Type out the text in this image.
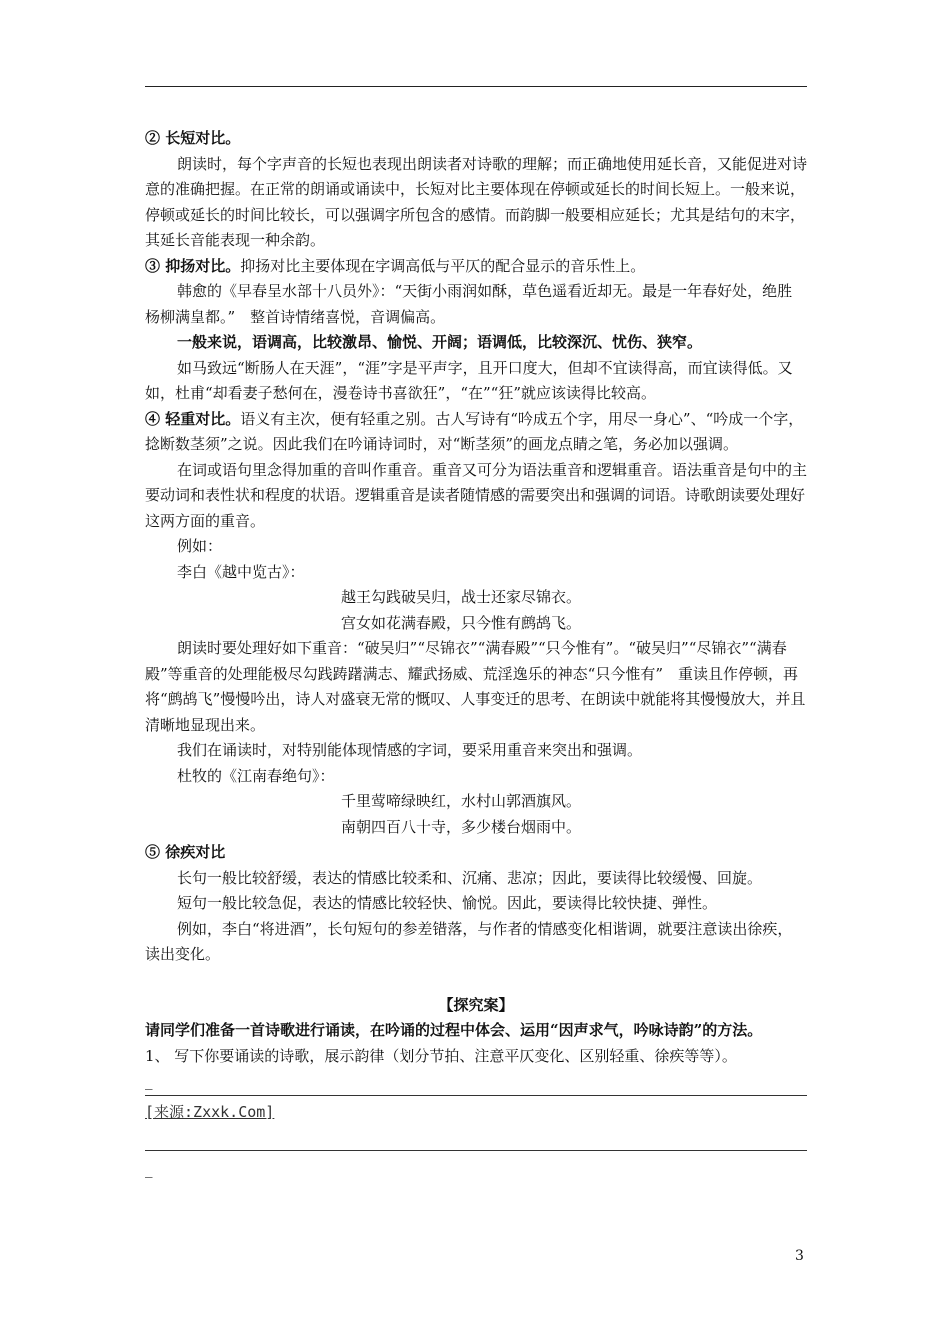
② 长短对比。

朗读时，每个字声音的长短也表现出朗读者对诗歌的理解；而正确地使用延长音，又能促进对诗意的准确把握。在正常的朗诵或诵读中，长短对比主要体现在停顿或延长的时间长短上。一般来说，停顿或延长的时间比较长，可以强调字所包含的感情。而韵脚一般要相应延长；尤其是结句的末字，其延长音能表现一种余韵。

③ 抑扬对比。抑扬对比主要体现在字调高低与平仄的配合显示的音乐性上。

韩愈的《早春呈水部十八员外》：“天街小雨润如酥，草色遥看近却无。最是一年春好处，绝胜杨柳满皇都。”　整首诗情绪喜悦，音调偏高。

一般来说，语调高，比较激昂、愉悦、开阔；语调低，比较深沉、忧伤、狭窄。

如马致远“断肠人在天涯”，“涯”字是平声字，且开口度大，但却不宜读得高，而宜读得低。又如，杜甫“却看妻子愁何在，漫卷诗书喜欲狂”，“在”“狂”就应该读得比较高。

④ 轻重对比。语义有主次，便有轻重之别。古人写诗有“吟成五个字，用尽一身心”、“吟成一个字，捻断数茎须”之说。因此我们在吟诵诗词时，对“断茎须”的画龙点睛之笔，务必加以强调。

在词或语句里念得加重的音叫作重音。重音又可分为语法重音和逻辑重音。语法重音是句中的主要动词和表性状和程度的状语。逻辑重音是读者随情感的需要突出和强调的词语。诗歌朗读要处理好这两方面的重音。

例如：

李白《越中览古》：

越王勾践破吴归，战士还家尽锦衣。

宫女如花满春殿，只今惟有鹧鸪飞。

朗读时要处理好如下重音：“破吴归”“尽锦衣”“满春殿”“只今惟有”。“破吴归”“尽锦衣”“满春殿”等重音的处理能极尽勾践踌躇满志、耀武扬威、荒淫逸乐的神态“只今惟有”　重读且作停顿，再将“鹧鸪飞”慢慢吟出，诗人对盛衰无常的慨叹、人事变迁的思考、在朗读中就能将其慢慢放大，并且清晰地显现出来。

我们在诵读时，对特别能体现情感的字词，要采用重音来突出和强调。

杜牧的《江南春绝句》：

千里莺啼绿映红，水村山郭酒旗风。

南朝四百八十寺，多少楼台烟雨中。

⑤ 徐疾对比

长句一般比较舒缓，表达的情感比较柔和、沉痛、悲凉；因此，要读得比较缓慢、回旋。

短句一般比较急促，表达的情感比较轻快、愉悦。因此，要读得比较快捷、弹性。

例如，李白“将进酒”，长句短句的参差错落，与作者的情感变化相谐调，就要注意读出徐疾，读出变化。

【探究案】

请同学们准备一首诗歌进行诵读，在吟诵的过程中体会、运用“因声求气，吟咏诗韵”的方法。

1、 写下你要诵读的诗歌，展示韵律（划分节拍、注意平仄变化、区别轻重、徐疾等等）。

_

[来源:Zxxk.Com]

_

3
